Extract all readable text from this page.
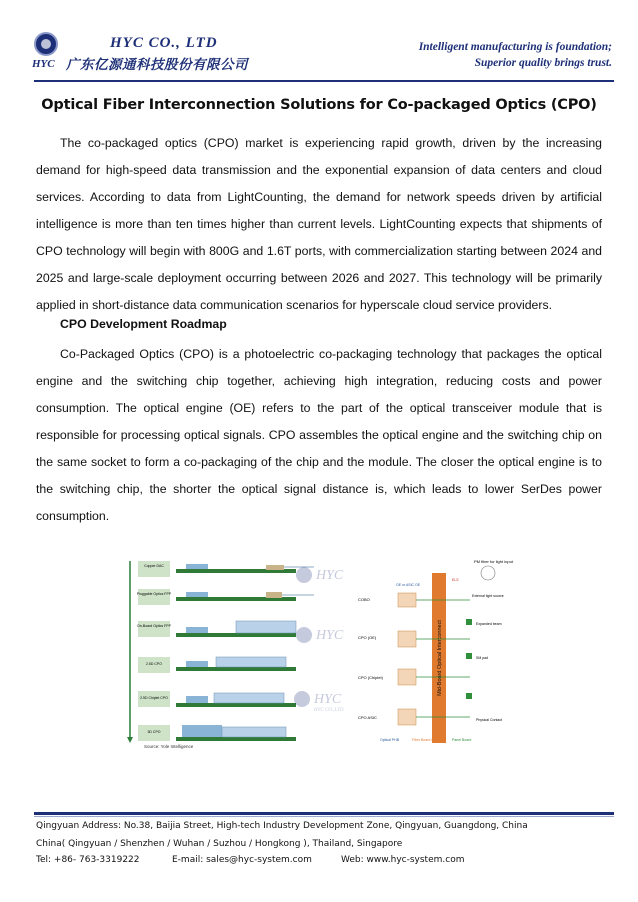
HYC
HYC CO., LTD
广东亿源通科技股份有限公司
Intelligent manufacturing is foundation;
Superior quality brings trust.
Optical Fiber Interconnection Solutions for Co-packaged Optics (CPO)

The co-packaged optics (CPO) market is experiencing rapid growth, driven by the increasing demand for high-speed data transmission and the exponential expansion of data centers and cloud services. According to data from LightCounting, the demand for network speeds driven by artificial intelligence is more than ten times higher than current levels. LightCounting expects that shipments of CPO technology will begin with 800G and 1.6T ports, with commercialization starting between 2024 and 2025 and large-scale deployment occurring between 2026 and 2027. This technology will be primarily applied in short-distance data communication scenarios for hyperscale cloud service providers.

CPO Development Roadmap

Co-Packaged Optics (CPO) is a photoelectric co-packaging technology that packages the optical engine and the switching chip together, achieving high integration, reducing costs and power consumption. The optical engine (OE) refers to the part of the optical transceiver module that is responsible for processing optical signals. CPO assembles the optical engine and the switching chip on the same socket to form a co-packaging of the chip and the module. The closer the optical engine is to the switching chip, the shorter the optical signal distance is, which leads to lower SerDes power consumption.

Copper DAC
Pluggable Optics FPP
On-Board Optics FPP
2.5D CPO
2.5D Chiplet CPO
3D CPO
PM fiber for light input
Mid-Board Optical Interconnect
ELS
External light source
COBO
OE or ASIC OE
CPO (OE)
CPO (Chiplet)
CPO ASIC
Expanded beam
SM pad
Physical Contact
Optical PHB	Fiber Board OB	Panel Board
HYC
HYC
HYC
HYC CO.,LTD
Source: Yole Intelligence
Qingyuan Address: No.38, Baijia Street, High-tech Industry Development Zone, Qingyuan, Guangdong, China
China( Qingyuan / Shenzhen / Wuhan / Suzhou / Hongkong ), Thailand, Singapore
Tel: +86- 763-3319222	E-mail: sales@hyc-system.com	Web: www.hyc-system.com
